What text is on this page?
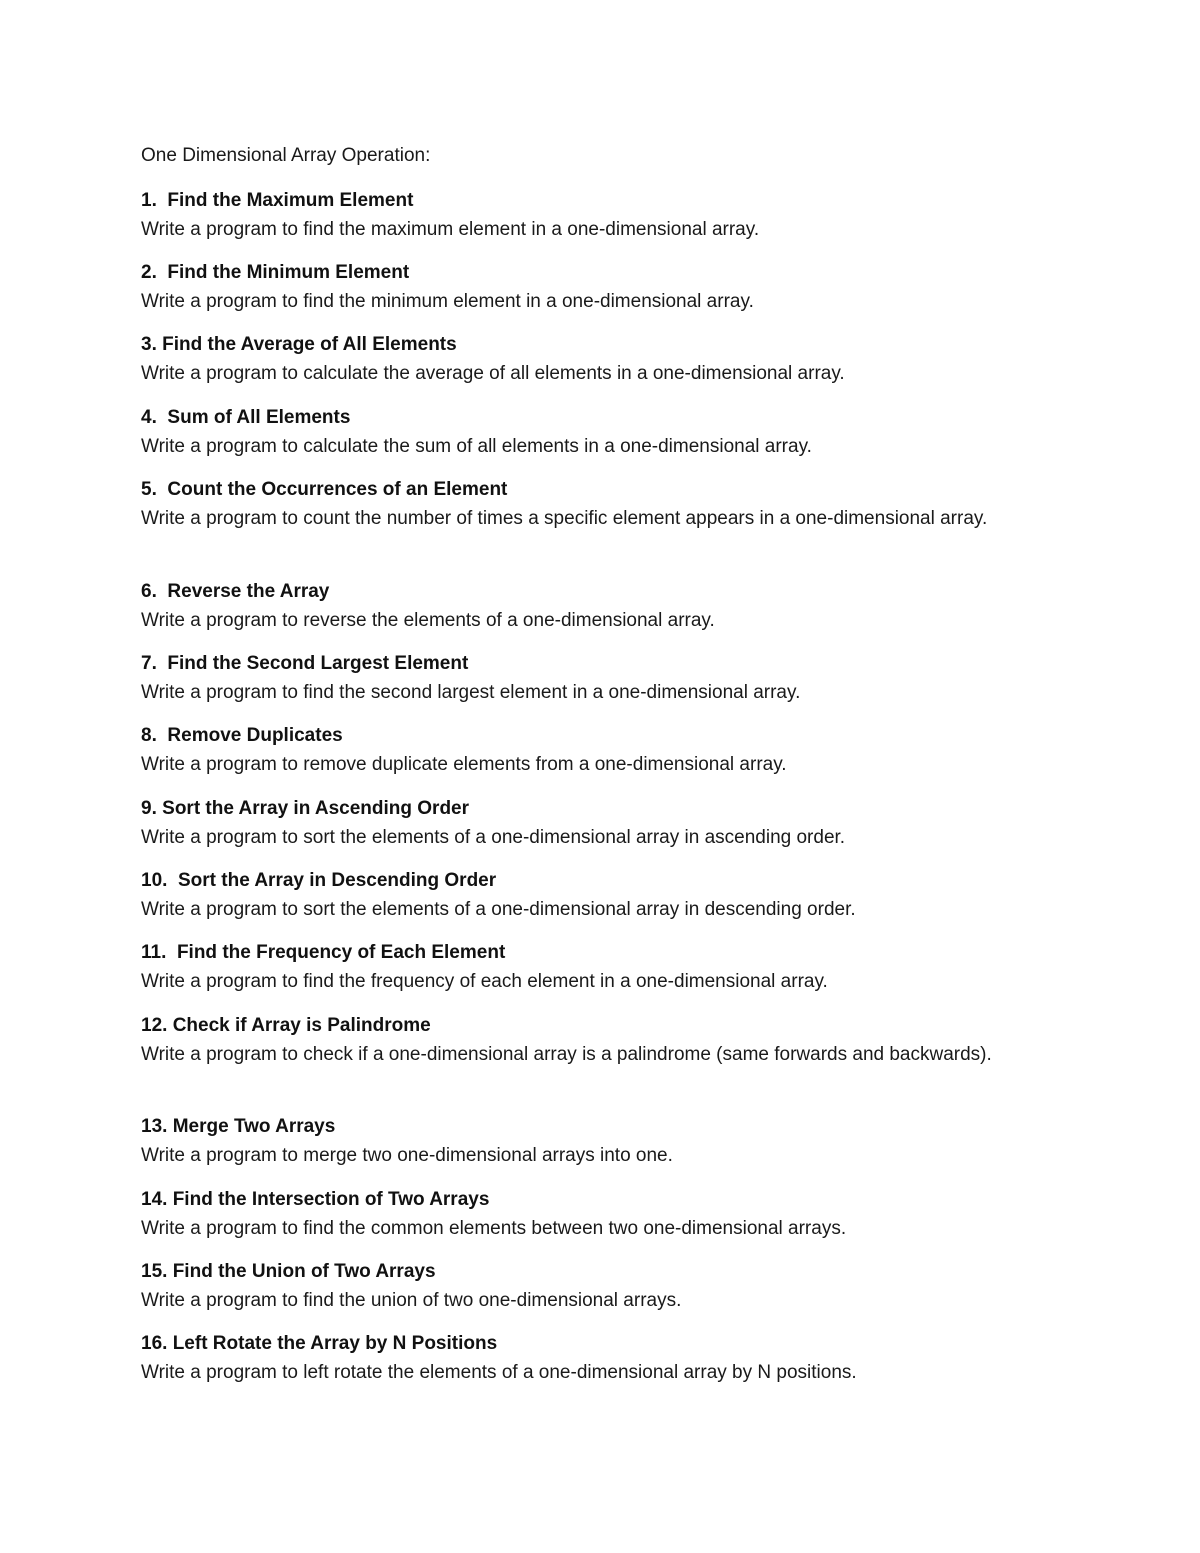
One Dimensional Array Operation:
1. Find the Maximum Element
Write a program to find the maximum element in a one-dimensional array.
2. Find the Minimum Element
Write a program to find the minimum element in a one-dimensional array.
3. Find the Average of All Elements
Write a program to calculate the average of all elements in a one-dimensional array.
4. Sum of All Elements
Write a program to calculate the sum of all elements in a one-dimensional array.
5. Count the Occurrences of an Element
Write a program to count the number of times a specific element appears in a one-dimensional array.
6. Reverse the Array
Write a program to reverse the elements of a one-dimensional array.
7. Find the Second Largest Element
Write a program to find the second largest element in a one-dimensional array.
8. Remove Duplicates
Write a program to remove duplicate elements from a one-dimensional array.
9. Sort the Array in Ascending Order
Write a program to sort the elements of a one-dimensional array in ascending order.
10. Sort the Array in Descending Order
Write a program to sort the elements of a one-dimensional array in descending order.
11. Find the Frequency of Each Element
Write a program to find the frequency of each element in a one-dimensional array.
12. Check if Array is Palindrome
Write a program to check if a one-dimensional array is a palindrome (same forwards and backwards).
13. Merge Two Arrays
Write a program to merge two one-dimensional arrays into one.
14. Find the Intersection of Two Arrays
Write a program to find the common elements between two one-dimensional arrays.
15. Find the Union of Two Arrays
Write a program to find the union of two one-dimensional arrays.
16. Left Rotate the Array by N Positions
Write a program to left rotate the elements of a one-dimensional array by N positions.
